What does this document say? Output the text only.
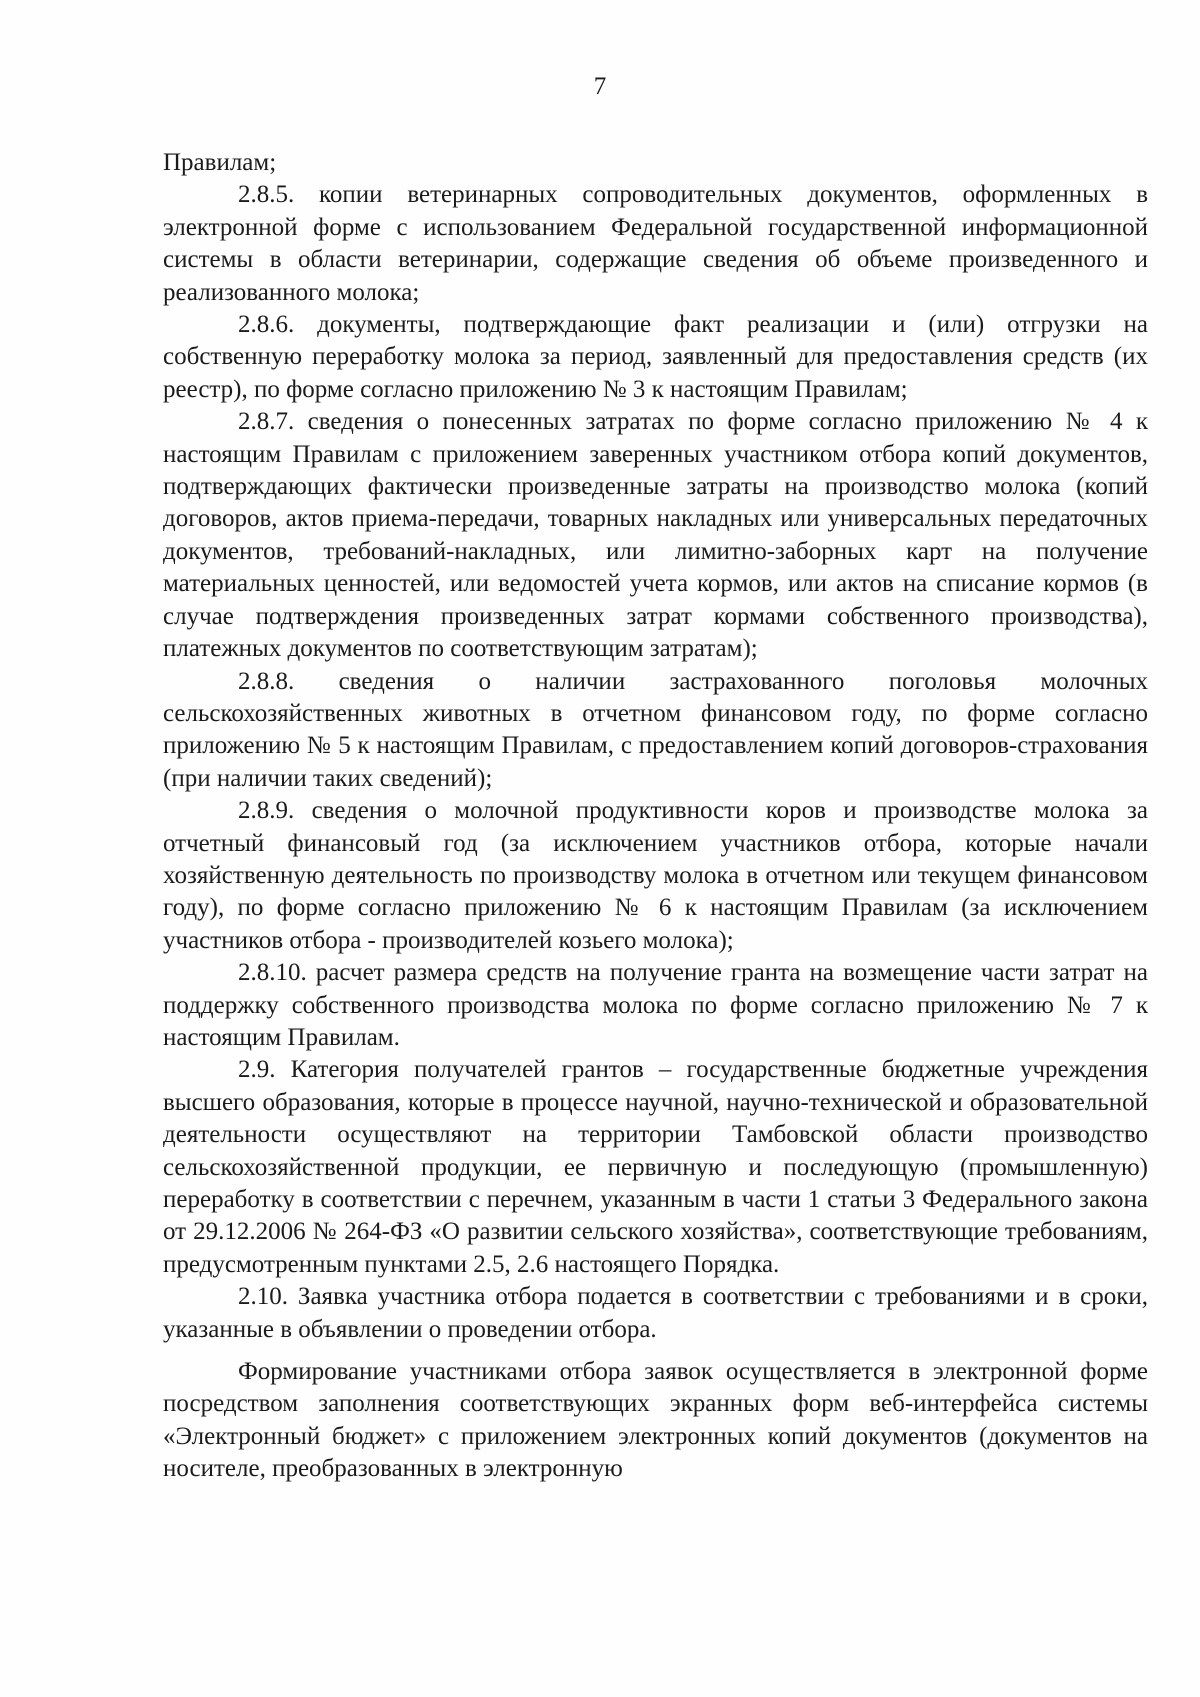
7

Правилам;

2.8.5. копии ветеринарных сопроводительных документов, оформленных в электронной форме с использованием Федеральной государственной информационной системы в области ветеринарии, содержащие сведения об объеме произведенного и реализованного молока;

2.8.6. документы, подтверждающие факт реализации и (или) отгрузки на собственную переработку молока за период, заявленный для предоставления средств (их реестр), по форме согласно приложению № 3 к настоящим Правилам;

2.8.7. сведения о понесенных затратах по форме согласно приложению № 4 к настоящим Правилам с приложением заверенных участником отбора копий документов, подтверждающих фактически произведенные затраты на производство молока (копий договоров, актов приема-передачи, товарных накладных или универсальных передаточных документов, требований-накладных, или лимитно-заборных карт на получение материальных ценностей, или ведомостей учета кормов, или актов на списание кормов (в случае подтверждения произведенных затрат кормами собственного производства), платежных документов по соответствующим затратам);

2.8.8. сведения о наличии застрахованного поголовья молочных сельскохозяйственных животных в отчетном финансовом году, по форме согласно приложению № 5 к настоящим Правилам, с предоставлением копий договоров-страхования (при наличии таких сведений);

2.8.9. сведения о молочной продуктивности коров и производстве молока за отчетный финансовый год (за исключением участников отбора, которые начали хозяйственную деятельность по производству молока в отчетном или текущем финансовом году), по форме согласно приложению № 6 к настоящим Правилам (за исключением участников отбора - производителей козьего молока);

2.8.10. расчет размера средств на получение гранта на возмещение части затрат на поддержку собственного производства молока по форме согласно приложению № 7 к настоящим Правилам.

2.9. Категория получателей грантов – государственные бюджетные учреждения высшего образования, которые в процессе научной, научно-технической и образовательной деятельности осуществляют на территории Тамбовской области производство сельскохозяйственной продукции, ее первичную и последующую (промышленную) переработку в соответствии с перечнем, указанным в части 1 статьи 3 Федерального закона от 29.12.2006 № 264-ФЗ «О развитии сельского хозяйства», соответствующие требованиям, предусмотренным пунктами 2.5, 2.6 настоящего Порядка.

2.10. Заявка участника отбора подается в соответствии с требованиями и в сроки, указанные в объявлении о проведении отбора.

Формирование участниками отбора заявок осуществляется в электронной форме посредством заполнения соответствующих экранных форм веб-интерфейса системы «Электронный бюджет» с приложением электронных копий документов (документов на носителе, преобразованных в электронную
